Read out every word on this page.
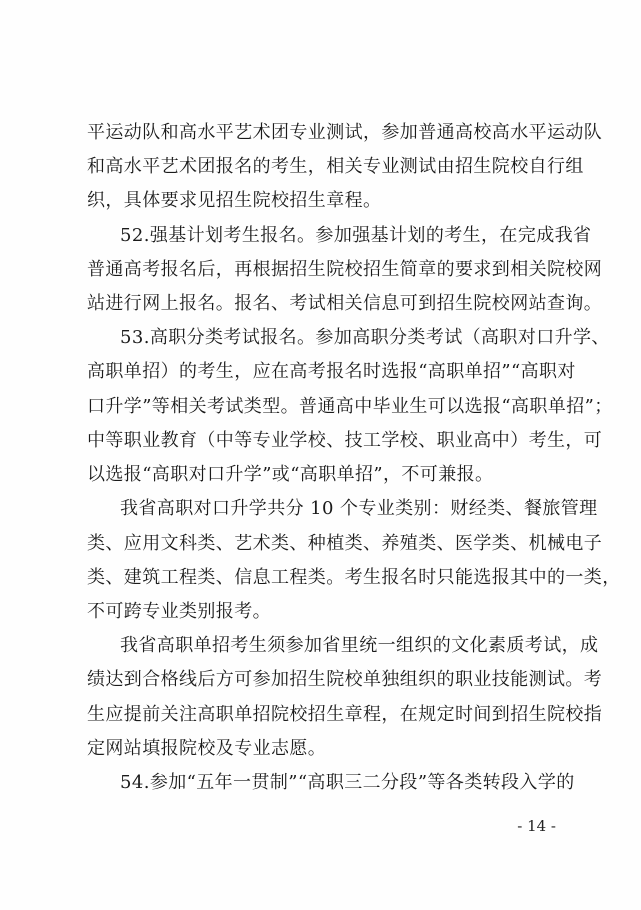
平运动队和高水平艺术团专业测试，参加普通高校高水平运动队
和高水平艺术团报名的考生，相关专业测试由招生院校自行组
织，具体要求见招生院校招生章程。
52.强基计划考生报名。参加强基计划的考生，在完成我省
普通高考报名后，再根据招生院校招生简章的要求到相关院校网
站进行网上报名。报名、考试相关信息可到招生院校网站查询。
53.高职分类考试报名。参加高职分类考试（高职对口升学、
高职单招）的考生，应在高考报名时选报“高职单招”“高职对
口升学”等相关考试类型。普通高中毕业生可以选报“高职单招”；
中等职业教育（中等专业学校、技工学校、职业高中）考生，可
以选报“高职对口升学”或“高职单招”，不可兼报。
我省高职对口升学共分 10 个专业类别：财经类、餐旅管理
类、应用文科类、艺术类、种植类、养殖类、医学类、机械电子
类、建筑工程类、信息工程类。考生报名时只能选报其中的一类，
不可跨专业类别报考。
我省高职单招考生须参加省里统一组织的文化素质考试，成
绩达到合格线后方可参加招生院校单独组织的职业技能测试。考
生应提前关注高职单招院校招生章程，在规定时间到招生院校指
定网站填报院校及专业志愿。
54.参加“五年一贯制”“高职三二分段”等各类转段入学的
- 14 -
